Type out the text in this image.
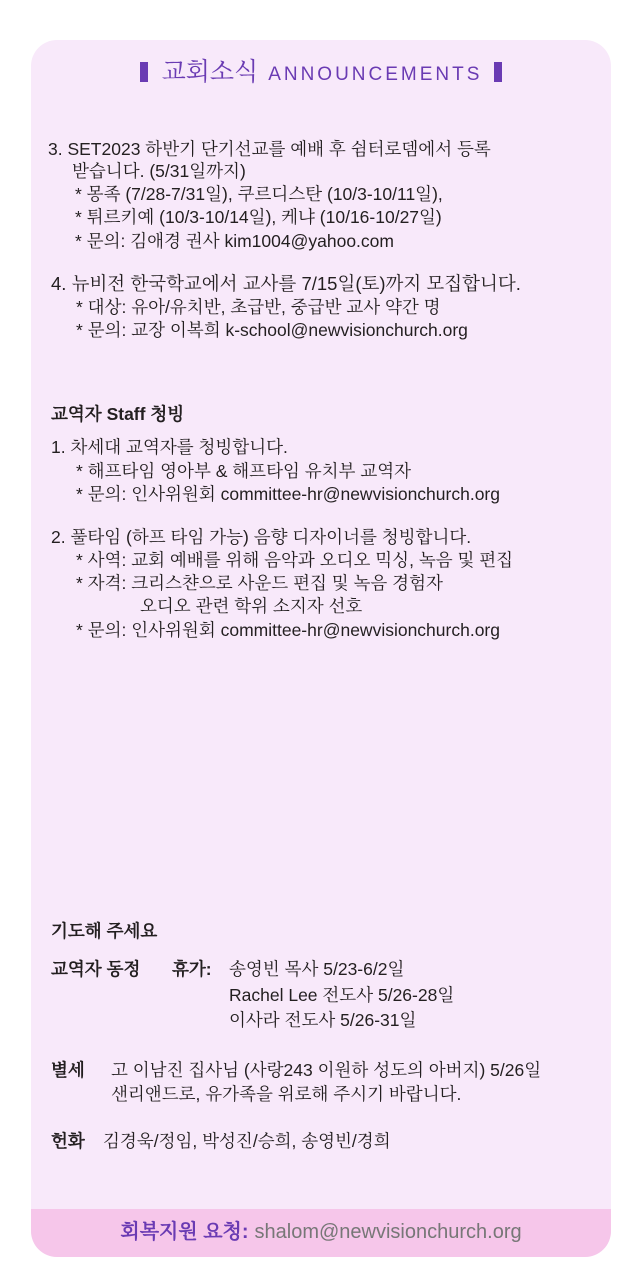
교회소식 ANNOUNCEMENTS
3. SET2023 하반기 단기선교를 예배 후 쉼터로뎀에서 등록
받습니다. (5/31일까지)
* 몽족 (7/28-7/31일), 쿠르디스탄 (10/3-10/11일),
* 튀르키예 (10/3-10/14일), 케냐 (10/16-10/27일)
* 문의: 김애경 권사 kim1004@yahoo.com
4. 뉴비전 한국학교에서 교사를 7/15일(토)까지 모집합니다.
* 대상: 유아/유치반, 초급반, 중급반 교사 약간 명
* 문의: 교장 이복희 k-school@newvisionchurch.org
교역자 Staff 청빙
1. 차세대 교역자를 청빙합니다.
* 해프타임 영아부 & 해프타임 유치부 교역자
* 문의: 인사위원회 committee-hr@newvisionchurch.org
2. 풀타임 (하프 타임 가능) 음향 디자이너를 청빙합니다.
* 사역: 교회 예배를 위해 음악과 오디오 믹싱, 녹음 및 편집
* 자격: 크리스챤으로 사운드 편집 및 녹음 경험자
오디오 관련 학위 소지자 선호
* 문의: 인사위원회 committee-hr@newvisionchurch.org
기도해 주세요
교역자 동정 휴가: 송영빈 목사 5/23-6/2일
Rachel Lee 전도사 5/26-28일
이사라 전도사 5/26-31일
별세 고 이남진 집사님 (사랑243 이원하 성도의 아버지) 5/26일
샌리앤드로, 유가족을 위로해 주시기 바랍니다.
헌화 김경욱/정임, 박성진/승희, 송영빈/경희
회복지원 요청: shalom@newvisionchurch.org
